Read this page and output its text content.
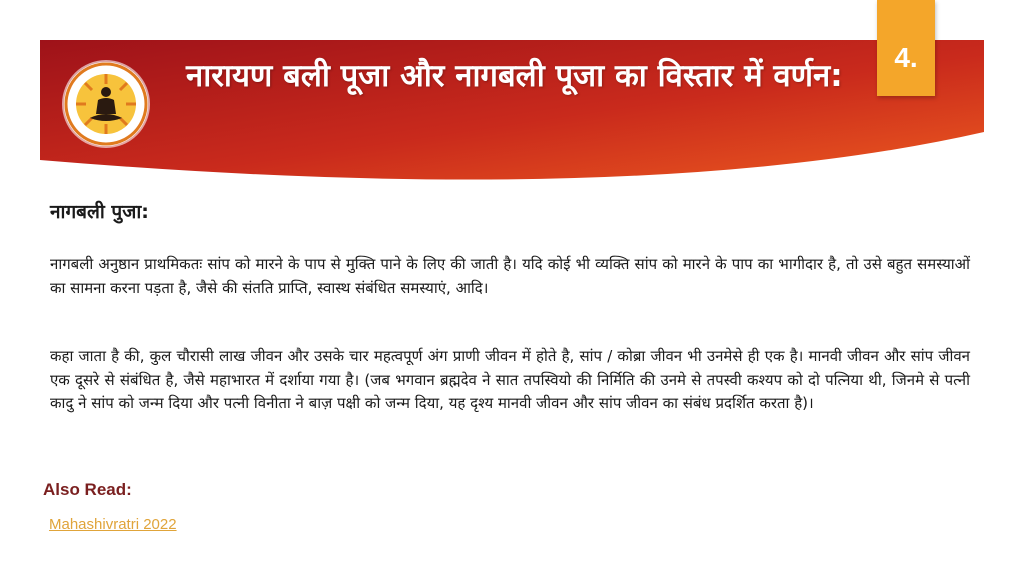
नारायण बली पूजा और नागबली पूजा का विस्तार में वर्णन:
4.
नागबली पुजा:
नागबली अनुष्ठान प्राथमिकतः सांप को मारने के पाप से मुक्ति पाने के लिए की जाती है। यदि कोई भी व्यक्ति सांप को मारने के पाप का भागीदार है, तो उसे बहुत समस्याओं का सामना करना पड़ता है, जैसे की संतति प्राप्ति, स्वास्थ संबंधित समस्याएं, आदि।
कहा जाता है की, कुल चौरासी लाख जीवन और उसके चार महत्वपूर्ण अंग प्राणी जीवन में होते है, सांप / कोब्रा जीवन भी उनमेसे ही एक है। मानवी जीवन और सांप जीवन एक दूसरे से संबंधित है, जैसे महाभारत में दर्शाया गया है। (जब भगवान ब्रह्मदेव ने सात तपस्वियो की निर्मिति की उनमे से तपस्वी कश्यप को दो पत्निया थी, जिनमे से पत्नी कादु ने सांप को जन्म दिया और पत्नी विनीता ने बाज़ पक्षी को जन्म दिया, यह दृश्य मानवी जीवन और सांप जीवन का संबंध प्रदर्शित करता है)।
Also Read:
Mahashivratri 2022
